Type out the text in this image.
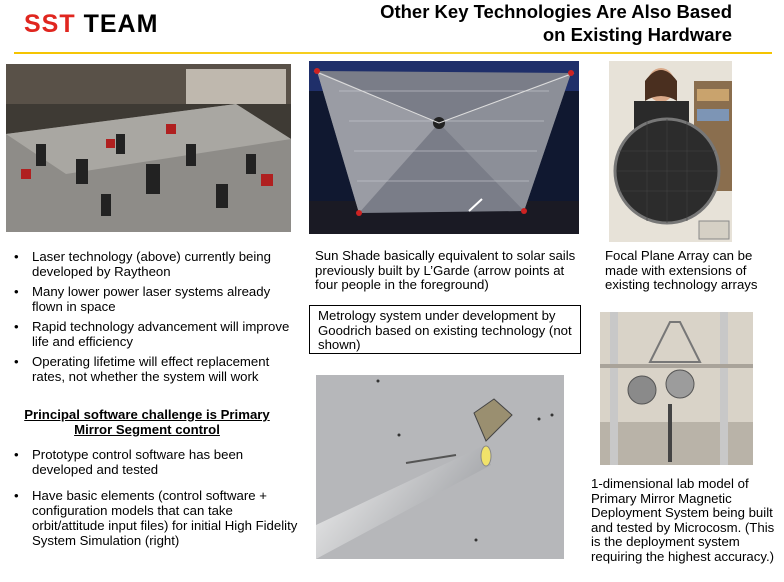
SST TEAM	Other Key Technologies Are Also Based
on Existing Hardware
• Laser technology (above) currently being developed by Raytheon
• Many lower power laser systems already flown in space
• Rapid technology advancement will improve life and efficiency
• Operating lifetime will effect replacement rates, not whether the system will work
Principal software challenge is Primary
Mirror Segment control
• Prototype control software has been developed and tested
• Have basic elements (control software + configuration models that can take orbit/attitude input files) for initial High Fidelity System Simulation (right)
Sun Shade basically equivalent to solar sails previously built by L’Garde (arrow points at four people in the foreground)
Metrology system under development by Goodrich based on existing technology (not shown)
Focal Plane Array can be made with extensions of existing technology arrays
1-dimensional lab model of Primary Mirror Magnetic Deployment System being built and tested by Microcosm. (This is the deployment system requiring the highest accuracy.)
